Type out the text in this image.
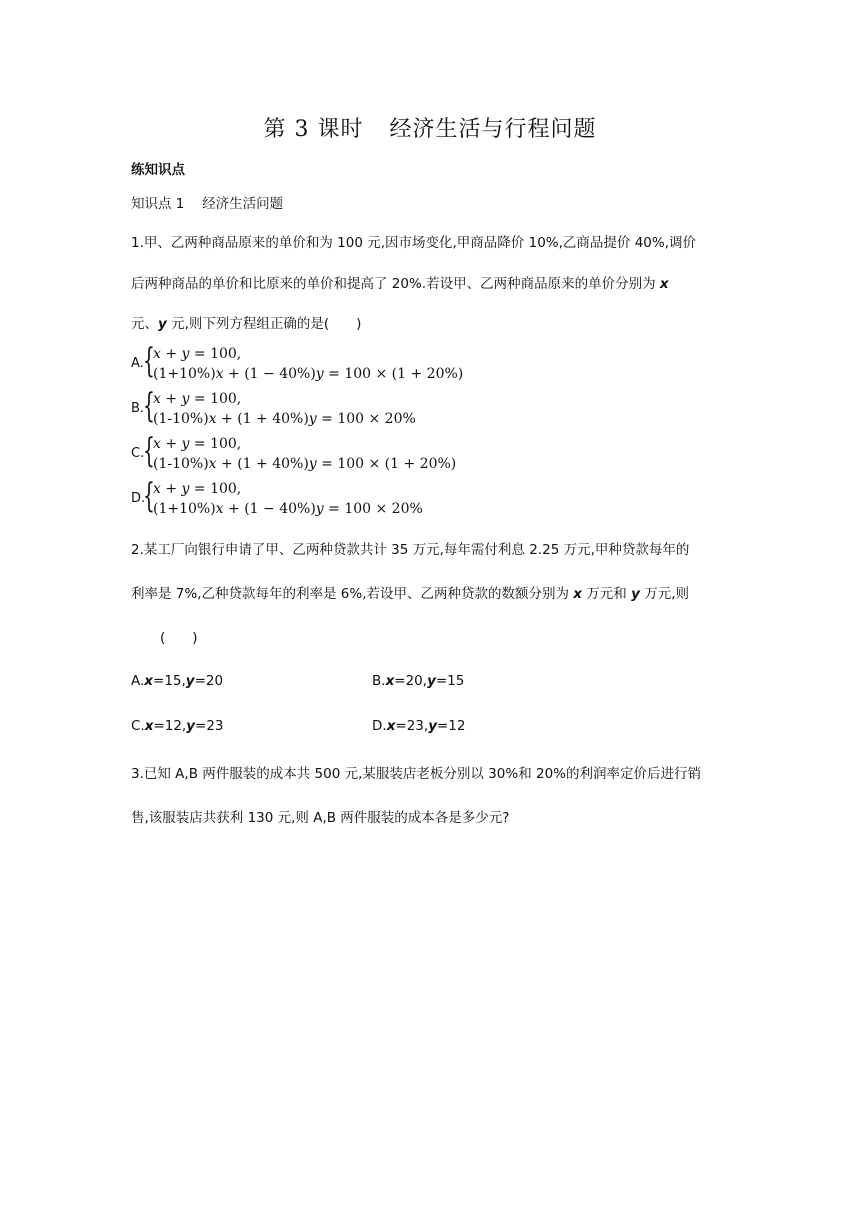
第 3 课时 经济生活与行程问题
练知识点
知识点 1　 经济生活问题
1.甲、乙两种商品原来的单价和为 100 元,因市场变化,甲商品降价 10%,乙商品提价 40%,调价
后两种商品的单价和比原来的单价和提高了 20%.若设甲、乙两种商品原来的单价分别为 x
元、y 元,则下列方程组正确的是(　　)
A. {
𝑥 + 𝑦 = 100,
(1+10%)𝑥 + (1 − 40%)𝑦 = 100 × (1 + 20%)
B.
{
𝑥 + 𝑦 = 100,
(1-10%)𝑥 + (1 + 40%)𝑦 = 100 × 20%
C.
{
𝑥 + 𝑦 = 100,
(1-10%)𝑥 + (1 + 40%)𝑦 = 100 × (1 + 20%)
D.
{
𝑥 + 𝑦 = 100,
(1+10%)𝑥 + (1 − 40%)𝑦 = 100 × 20%
2.某工厂向银行申请了甲、乙两种贷款共计 35 万元,每年需付利息 2.25 万元,甲种贷款每年的
利率是 7%,乙种贷款每年的利率是 6%,若设甲、乙两种贷款的数额分别为 x 万元和 y 万元,则
(　　)
A.x=15,y=20	B.x=20,y=15
C.x=12,y=23	D.x=23,y=12
3.已知 A,B 两件服装的成本共 500 元,某服装店老板分别以 30%和 20%的利润率定价后进行销
售,该服装店共获利 130 元,则 A,B 两件服装的成本各是多少元?
